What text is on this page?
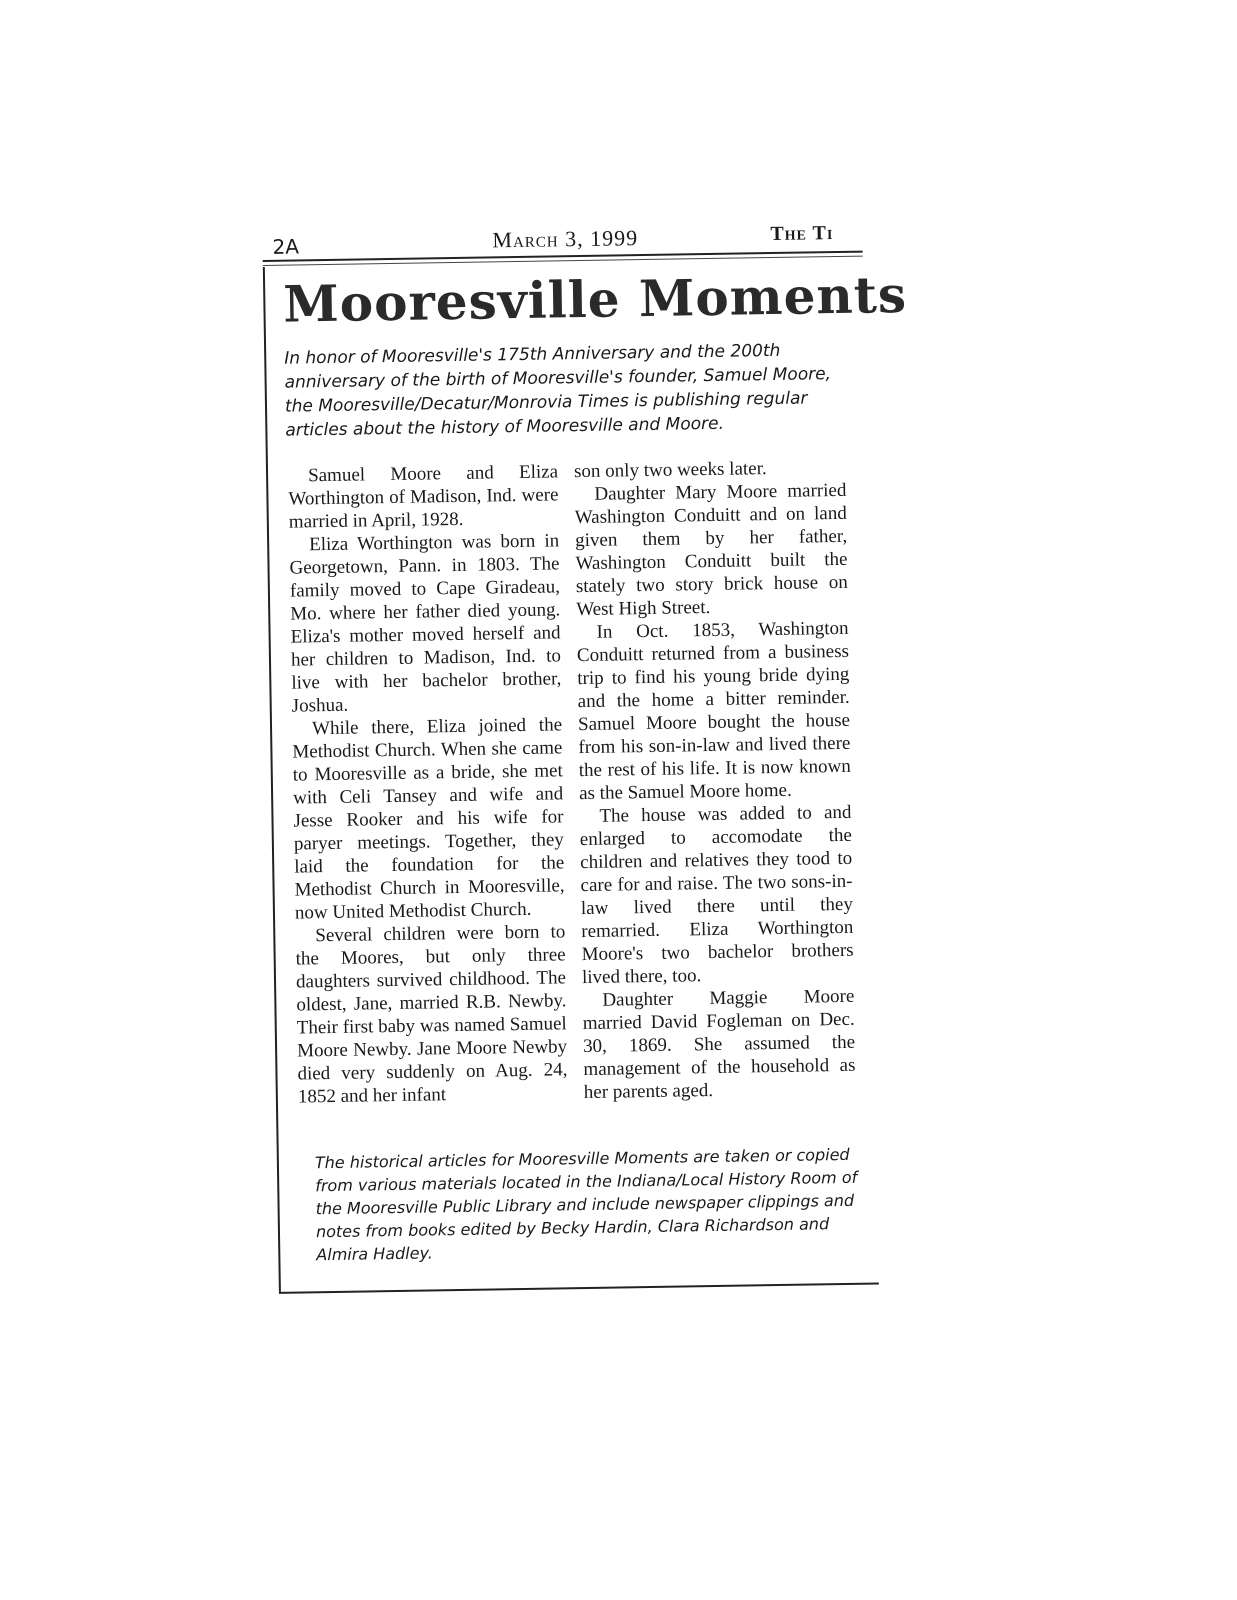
2A	March 3, 1999	The Ti
Mooresville Moments

In honor of Mooresville's 175th Anniversary and the 200th anniversary of the birth of Mooresville's founder, Samuel Moore, the Mooresville/Decatur/Monrovia Times is publishing regular articles about the history of Mooresville and Moore.

Samuel Moore and Eliza Worthington of Madison, Ind. were married in April, 1928.

Eliza Worthington was born in Georgetown, Pann. in 1803. The family moved to Cape Giradeau, Mo. where her father died young. Eliza's mother moved herself and her children to Madison, Ind. to live with her bachelor brother, Joshua.

While there, Eliza joined the Methodist Church. When she came to Mooresville as a bride, she met with Celi Tansey and wife and Jesse Rooker and his wife for paryer meetings. Together, they laid the foundation for the Methodist Church in Mooresville, now United Methodist Church.

Several children were born to the Moores, but only three daughters survived childhood. The oldest, Jane, married R.B. Newby. Their first baby was named Samuel Moore Newby. Jane Moore Newby died very suddenly on Aug. 24, 1852 and her infant

son only two weeks later.

Daughter Mary Moore married Washington Conduitt and on land given them by her father, Washington Conduitt built the stately two story brick house on West High Street.

In Oct. 1853, Washington Conduitt returned from a business trip to find his young bride dying and the home a bitter reminder. Samuel Moore bought the house from his son-in-law and lived there the rest of his life. It is now known as the Samuel Moore home.

The house was added to and enlarged to accomodate the children and relatives they tood to care for and raise. The two sons-in-law lived there until they remarried. Eliza Worthington Moore's two bachelor brothers lived there, too.

Daughter Maggie Moore married David Fogleman on Dec. 30, 1869. She assumed the management of the household as her parents aged.

The historical articles for Mooresville Moments are taken or copied from various materials located in the Indiana/Local History Room of the Mooresville Public Library and include newspaper clippings and notes from books edited by Becky Hardin, Clara Richardson and Almira Hadley.
